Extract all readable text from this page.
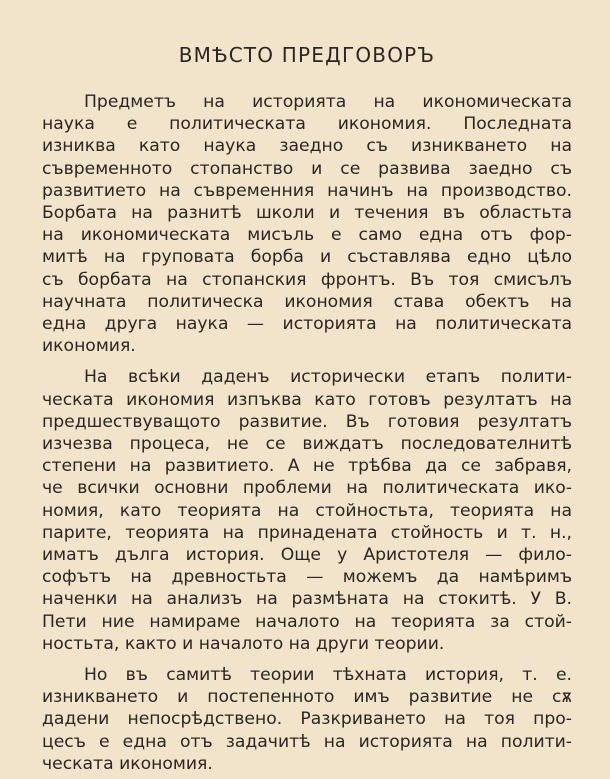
ВМѢСТО ПРЕДГОВОРЪ
Предметъ на историята на икономическата
наука е политическата икономия. Последната
изниква като наука заедно съ изникването на
съвременното стопанство и се развива заедно съ
развитието на съвременния начинъ на производство.
Борбата на разнитѣ школи и течения въ областьта
на икономическата мисъль е само една отъ фор-
митѣ на груповата борба и съставлява едно цѣло
съ борбата на стопанския фронтъ. Въ тоя смисълъ
научната политическа икономия става обектъ на
една друга наука — историята на политическата
икономия.
На всѣки даденъ исторически етапъ полити-
ческата икономия изпъква като готовъ резултатъ на
предшествуващото развитие. Въ готовия резултатъ
изчезва процеса, не се виждатъ последователнитѣ
степени на развитието. А не трѣбва да се забравя,
че всички основни проблеми на политическата ико-
номия, като теорията на стойностьта, теорията на
парите, теорията на принадената стойность и т. н.,
иматъ дълга история. Още у Аристотеля — фило-
софътъ на древностьта — можемъ да намѣримъ
наченки на анализъ на размѣната на стокитѣ. У В.
Пети ние намираме началото на теорията за стой-
ностьта, както и началото на други теории.
Но въ самитѣ теории тѣхната история, т. е.
изникването и постепенното имъ развитие не сѫ
дадени непосрѣдствено. Разкриването на тоя про-
цесъ е една отъ задачитѣ на историята на полити-
ческата икономия.
